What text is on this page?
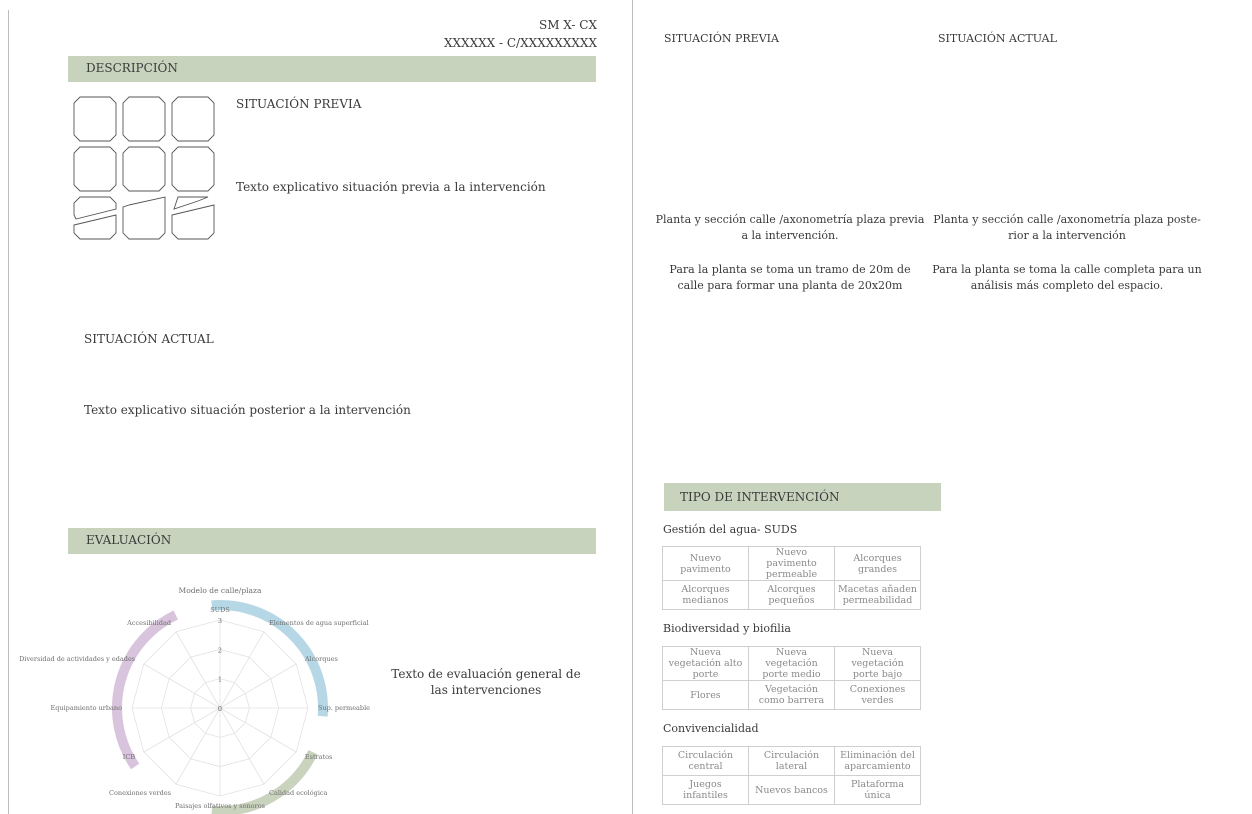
SM X- CX
XXXXXX - C/XXXXXXXXX
DESCRIPCIÓN
SITUACIÓN PREVIA
Texto explicativo situación previa a la intervención
SITUACIÓN ACTUAL
Texto explicativo situación posterior a la intervención
EVALUACIÓN
0
1
2
3
SUDS
Elementos de agua superficial
Alcorques
Sup. permeable
Estratos
Calidad ecológica
Paisajes olfativos y sonoros
Conexiones verdes
ICB
Equipamiento urbano
Diversidad de actividades y edades
Accesibilidad
Modelo de calle/plaza
Texto de evaluación general de las intervenciones
SITUACIÓN PREVIA	SITUACIÓN ACTUAL
Planta y sección calle /axonometría plaza previa a la intervención.
Para la planta se toma un tramo de 20m de calle para formar una planta de 20x20m
Planta y sección calle /axonometría plaza poste-rior a la intervención
Para la planta se toma la calle completa para un análisis más completo del espacio.
TIPO DE INTERVENCIÓN
Gestión del agua- SUDS
Nuevo pavimento	Nuevo pavimento permeable	Alcorques grandes
Alcorques medianos	Alcorques pequeños	Macetas añaden permeabilidad
Biodiversidad y biofilia
Nueva vegetación alto porte	Nueva vegetación porte medio	Nueva vegetación porte bajo
Flores	Vegetación como barrera	Conexiones verdes
Convivencialidad
Circulación central	Circulación lateral	Eliminación del aparcamiento
Juegos infantiles	Nuevos bancos	Plataforma única
